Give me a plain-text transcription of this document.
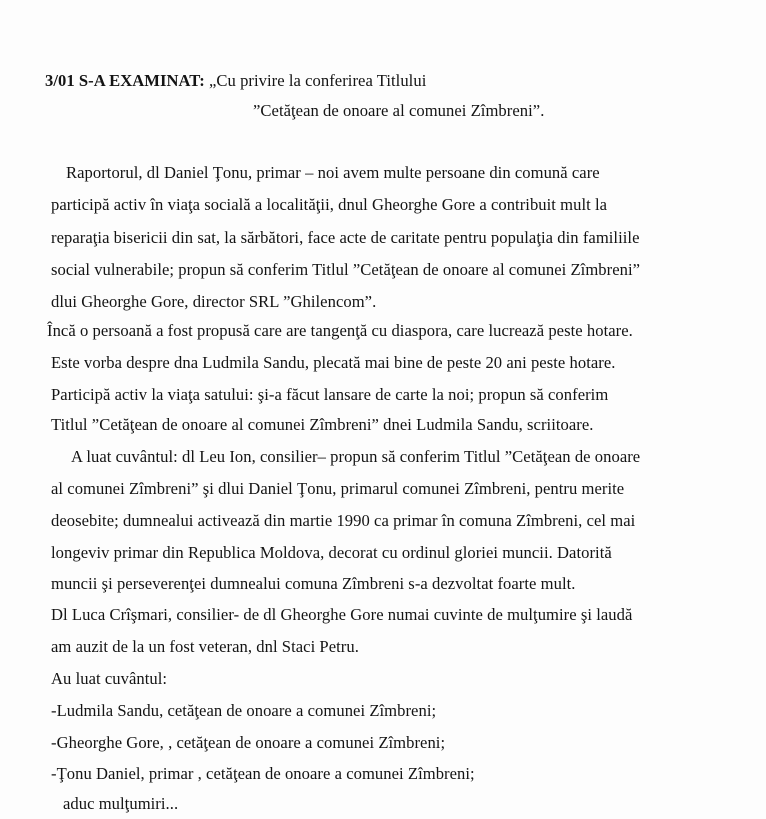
3/01 S-A EXAMINAT: „Cu privire la conferirea Titlului
”Cetăţean de onoare al comunei Zîmbreni”.
Raportorul, dl Daniel Ţonu, primar – noi avem multe persoane din comună care
participă activ în viaţa socială a localităţii, dnul Gheorghe Gore a contribuit mult la
reparaţia bisericii din sat, la sărbători, face acte de caritate pentru populaţia din familiile
social vulnerabile; propun să conferim Titlul ”Cetăţean de onoare al comunei Zîmbreni”
dlui Gheorghe Gore, director SRL ”Ghilencom”.
Încă o persoană a fost propusă care are tangenţă cu diaspora, care lucrează peste hotare.
Este vorba despre dna Ludmila Sandu, plecată mai bine de peste 20 ani peste hotare.
Participă activ la viaţa satului: şi-a făcut lansare de carte la noi; propun să conferim
Titlul ”Cetăţean de onoare al comunei Zîmbreni” dnei Ludmila Sandu, scriitoare.
A luat cuvântul: dl Leu Ion, consilier– propun să conferim Titlul ”Cetăţean de onoare
al comunei Zîmbreni” şi dlui Daniel Ţonu, primarul comunei Zîmbreni, pentru merite
deosebite; dumnealui activează din martie 1990 ca primar în comuna Zîmbreni, cel mai
longeviv primar din Republica Moldova, decorat cu ordinul gloriei muncii. Datorită
muncii şi perseverenţei dumnealui comuna Zîmbreni s-a dezvoltat foarte mult.
Dl Luca Crîşmari, consilier- de dl Gheorghe Gore numai cuvinte de mulţumire şi laudă
am auzit de la un fost veteran, dnl Staci Petru.
Au luat cuvântul:
-Ludmila Sandu, cetăţean de onoare a comunei Zîmbreni;
-Gheorghe Gore, , cetăţean de onoare a comunei Zîmbreni;
-Ţonu Daniel, primar , cetăţean de onoare a comunei Zîmbreni;
aduc mulţumiri...
